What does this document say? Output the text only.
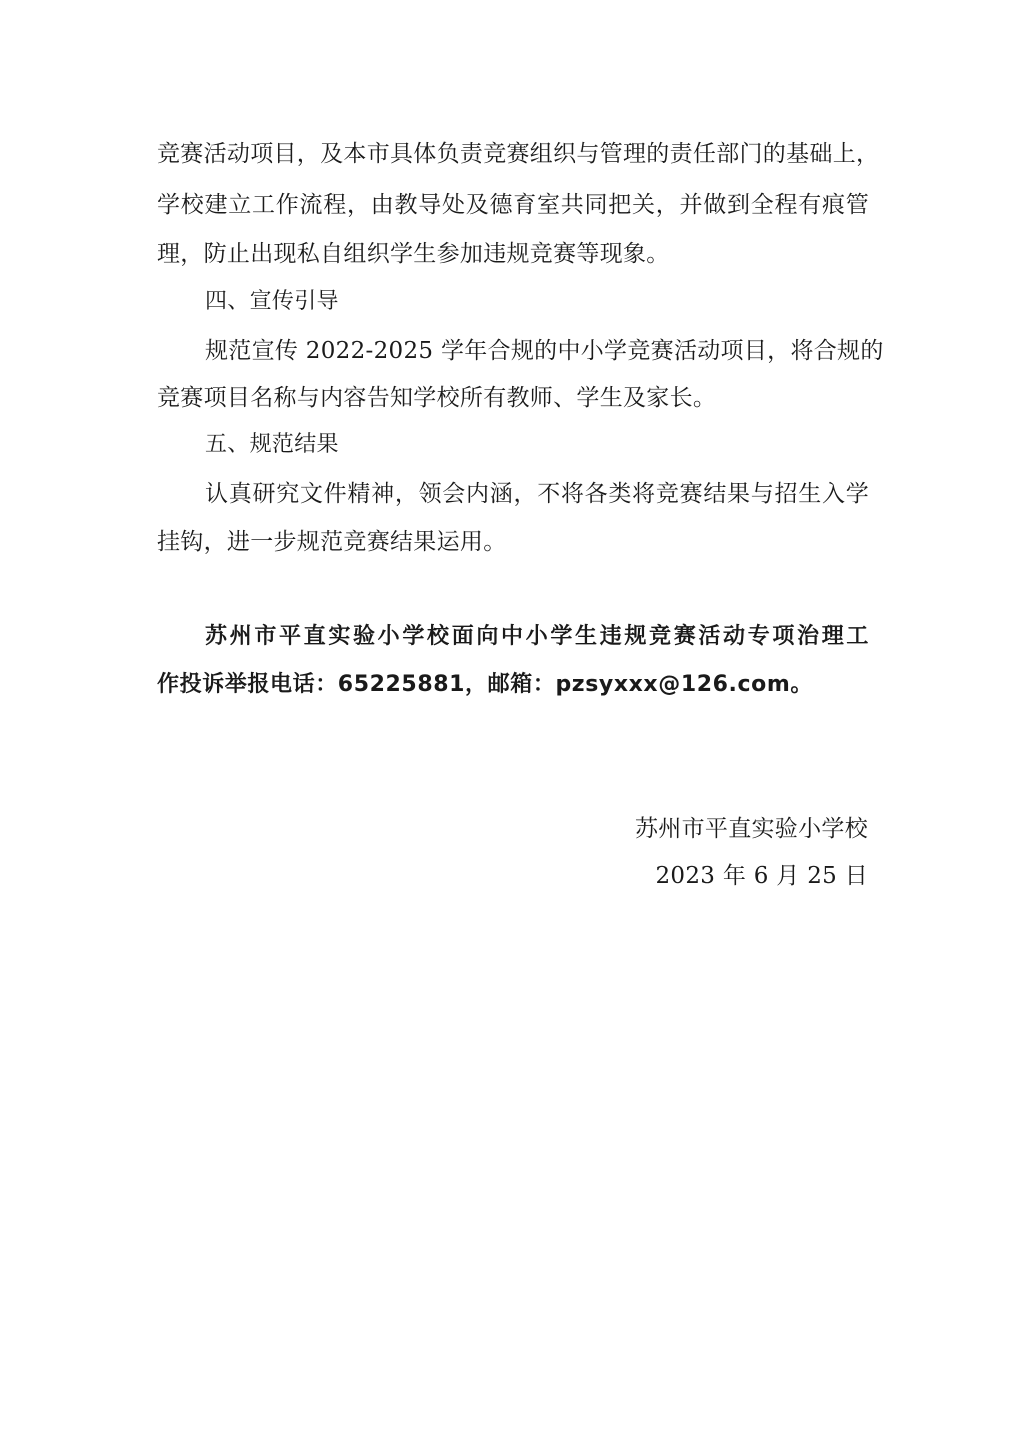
竞赛活动项目，及本市具体负责竞赛组织与管理的责任部门的基础上，
学校建立工作流程，由教导处及德育室共同把关，并做到全程有痕管
理，防止出现私自组织学生参加违规竞赛等现象。
四、宣传引导
规范宣传 2022-2025 学年合规的中小学竞赛活动项目，将合规的
竞赛项目名称与内容告知学校所有教师、学生及家长。
五、规范结果
认真研究文件精神，领会内涵，不将各类将竞赛结果与招生入学
挂钩，进一步规范竞赛结果运用。
苏州市平直实验小学校面向中小学生违规竞赛活动专项治理工
作投诉举报电话：65225881，邮箱：pzsyxxx@126.com。
苏州市平直实验小学校
2023 年 6 月 25 日
